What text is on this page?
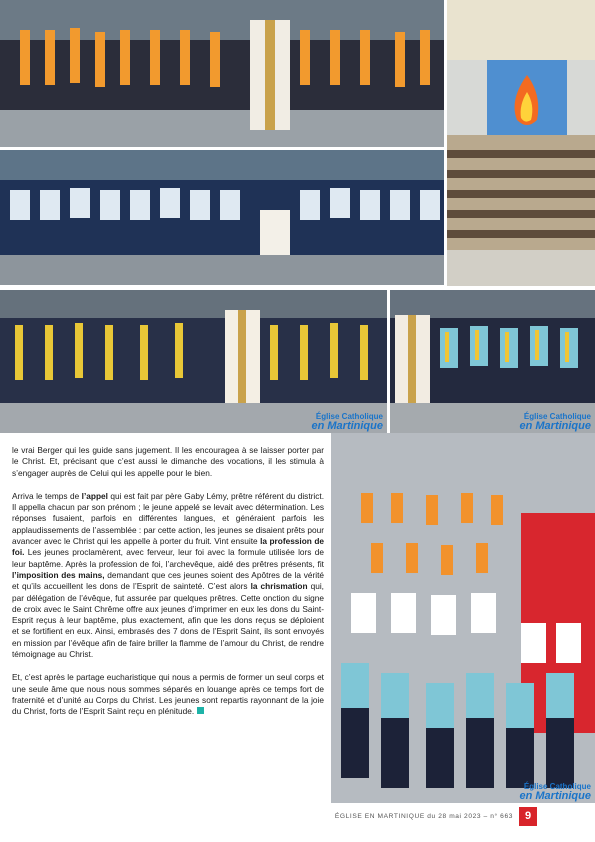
Église Catholique
en Martinique
Église Catholique
en Martinique
Église Catholique
en Martinique

le vrai Berger qui les guide sans jugement. Il les encouragea à se laisser porter par le Christ. Et, précisant que c’est aussi le dimanche des vocations, il les stimula à s’engager auprès de Celui qui les appelle pour le bien.

Arriva le temps de l’appel qui est fait par père Gaby Lémy, prêtre référent du district. Il appella chacun par son prénom ; le jeune appelé se levait avec détermination. Les réponses fusaient, parfois en différentes langues, et généraient parfois les applaudissements de l’assemblée : par cette action, les jeunes se disaient prêts pour avancer avec le Christ qui les appelle à porter du fruit. Vint ensuite la profession de foi. Les jeunes proclamèrent, avec ferveur, leur foi avec la formule utilisée lors de leur baptême. Après la profession de foi, l’archevêque, aidé des prêtres présents, fit l’imposition des mains, demandant que ces jeunes soient des Apôtres de la vérité et qu’ils accueillent les dons de l’Esprit de sainteté. C’est alors la chrismation qui, par délégation de l’évêque, fut assurée par quelques prêtres. Cette onction du signe de croix avec le Saint Chrême offre aux jeunes d’imprimer en eux les dons du Saint-Esprit reçus à leur baptême, plus exactement, afin que les dons reçus se déploient et se fortifient en eux. Ainsi, embrasés des 7 dons de l’Esprit Saint, ils sont envoyés en mission par l’évêque afin de faire briller la flamme de l’amour du Christ, de rendre témoignage au Christ.

Et, c’est après le partage eucharistique qui nous a permis de former un seul corps et une seule âme que nous nous sommes séparés en louange après ce temps fort de fraternité et d’unité au Corps du Christ. Les jeunes sont repartis rayonnant de la joie du Christ, forts de l’Esprit Saint reçu en plénitude.

ÉGLISE EN MARTINIQUE du 28 mai 2023 – n° 663	9
